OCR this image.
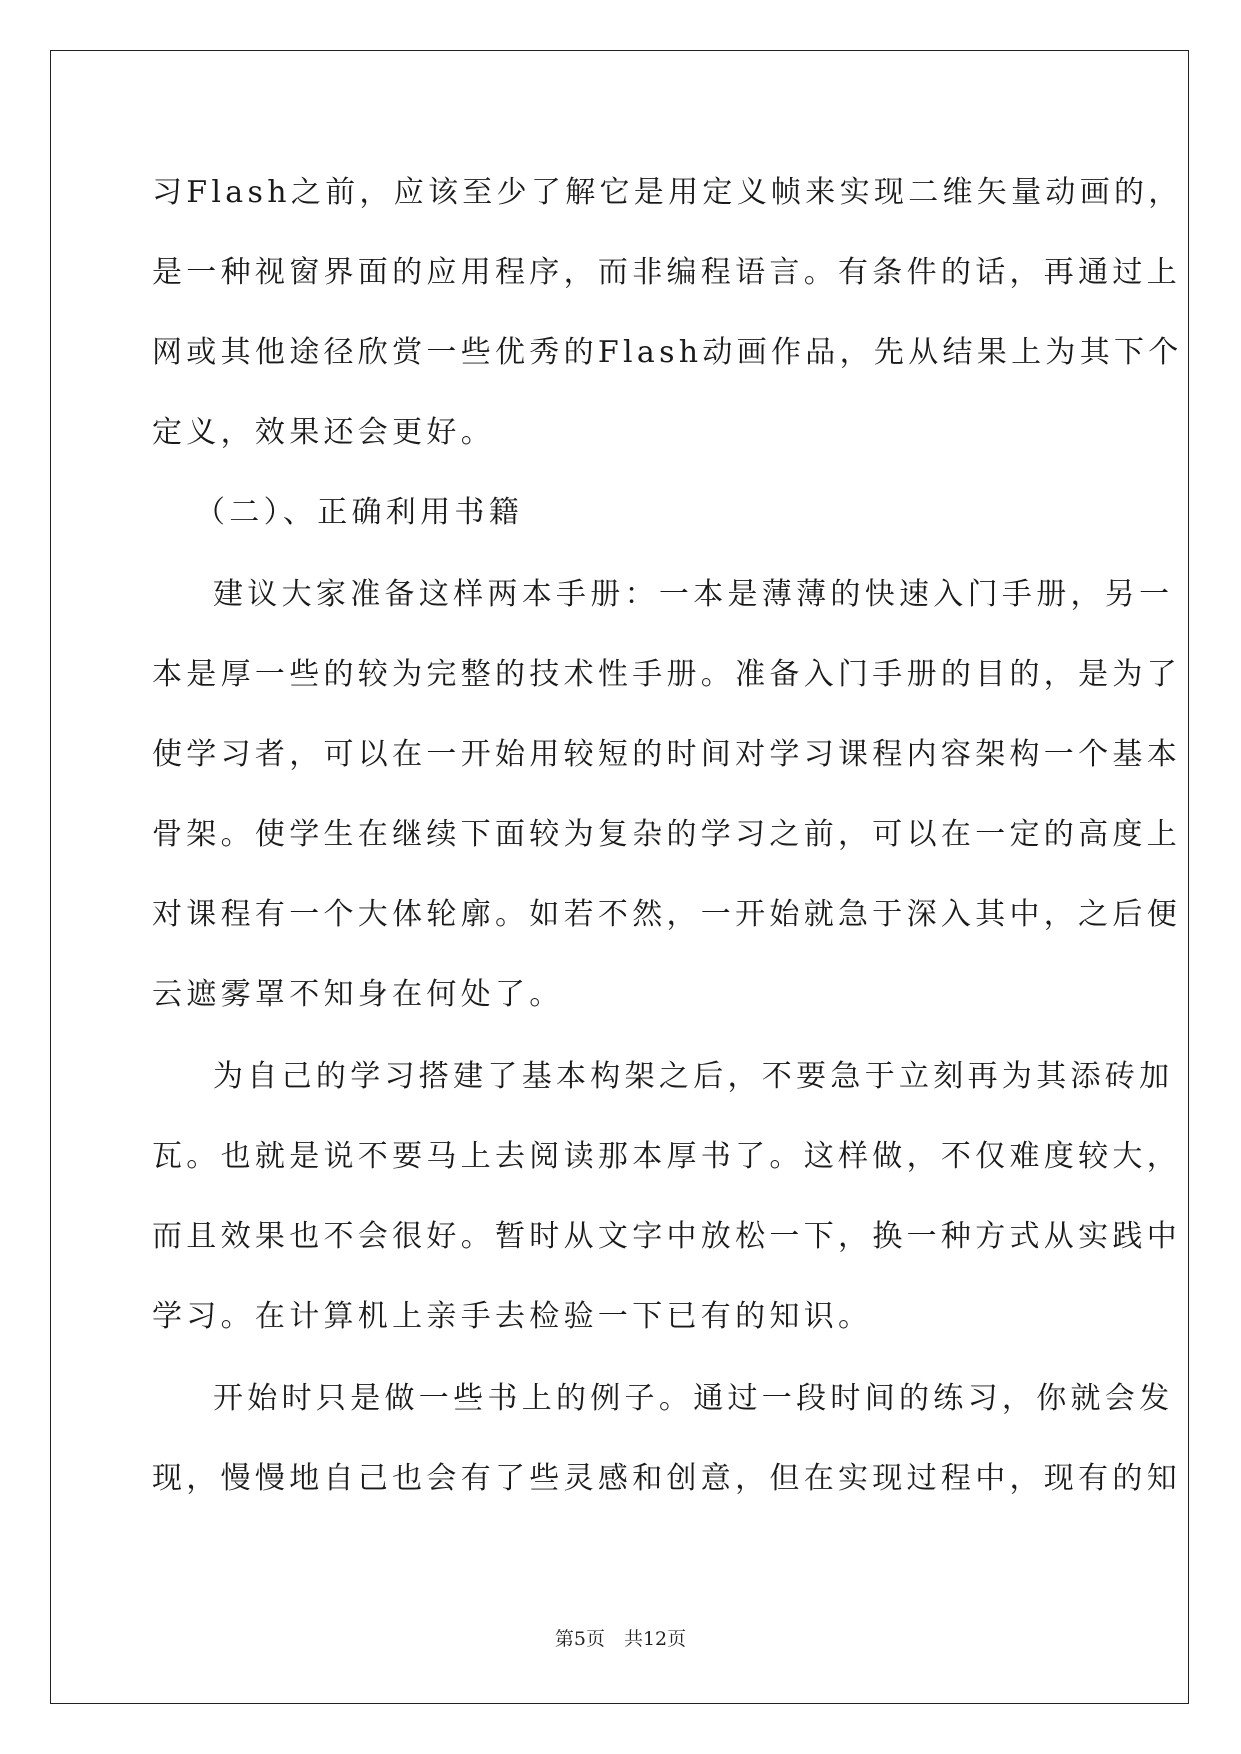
习Flash之前，应该至少了解它是用定义帧来实现二维矢量动画的，
是一种视窗界面的应用程序，而非编程语言。有条件的话，再通过上
网或其他途径欣赏一些优秀的Flash动画作品，先从结果上为其下个
定义，效果还会更好。
（二）、正确利用书籍
建议大家准备这样两本手册：一本是薄薄的快速入门手册，另一
本是厚一些的较为完整的技术性手册。准备入门手册的目的，是为了
使学习者，可以在一开始用较短的时间对学习课程内容架构一个基本
骨架。使学生在继续下面较为复杂的学习之前，可以在一定的高度上
对课程有一个大体轮廓。如若不然，一开始就急于深入其中，之后便
云遮雾罩不知身在何处了。
为自己的学习搭建了基本构架之后，不要急于立刻再为其添砖加
瓦。也就是说不要马上去阅读那本厚书了。这样做，不仅难度较大，
而且效果也不会很好。暂时从文字中放松一下，换一种方式从实践中
学习。在计算机上亲手去检验一下已有的知识。
开始时只是做一些书上的例子。通过一段时间的练习，你就会发
现，慢慢地自己也会有了些灵感和创意，但在实现过程中，现有的知
第5页　共12页
